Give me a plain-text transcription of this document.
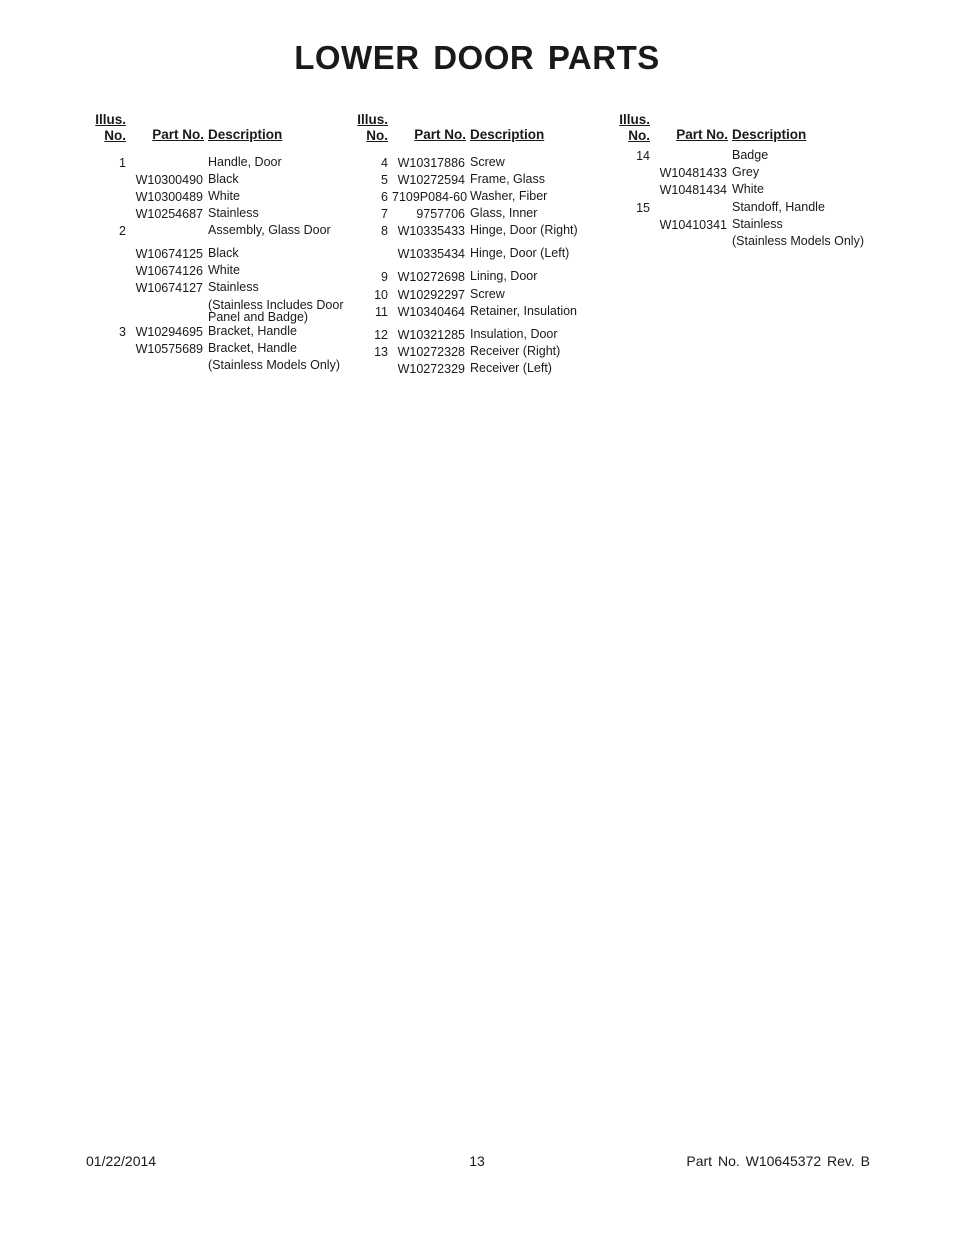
LOWER DOOR PARTS
Illus.
No.	Part No. Description
1	Handle, Door
W10300490 Black
W10300489 White
W10254687 Stainless
2	Assembly, Glass Door
W10674125 Black
W10674126 White
W10674127 Stainless
(Stainless Includes Door Panel and Badge)
3 W10294695 Bracket, Handle
W10575689 Bracket, Handle
(Stainless Models Only)
Illus.
No.	Part No. Description
4 W10317886 Screw
5 W10272594 Frame, Glass
6 7109P084-60 Washer, Fiber
7	9757706 Glass, Inner
8 W10335433 Hinge, Door (Right)
W10335434 Hinge, Door (Left)
9 W10272698 Lining, Door
10 W10292297 Screw
11 W10340464 Retainer, Insulation
12 W10321285 Insulation, Door
13 W10272328 Receiver (Right)
W10272329 Receiver (Left)
Illus.
No.	Part No. Description
14	Badge
W10481433 Grey
W10481434 White
15	Standoff, Handle
W10410341 Stainless
(Stainless Models Only)
01/22/2014	13	Part No. W10645372 Rev. B
